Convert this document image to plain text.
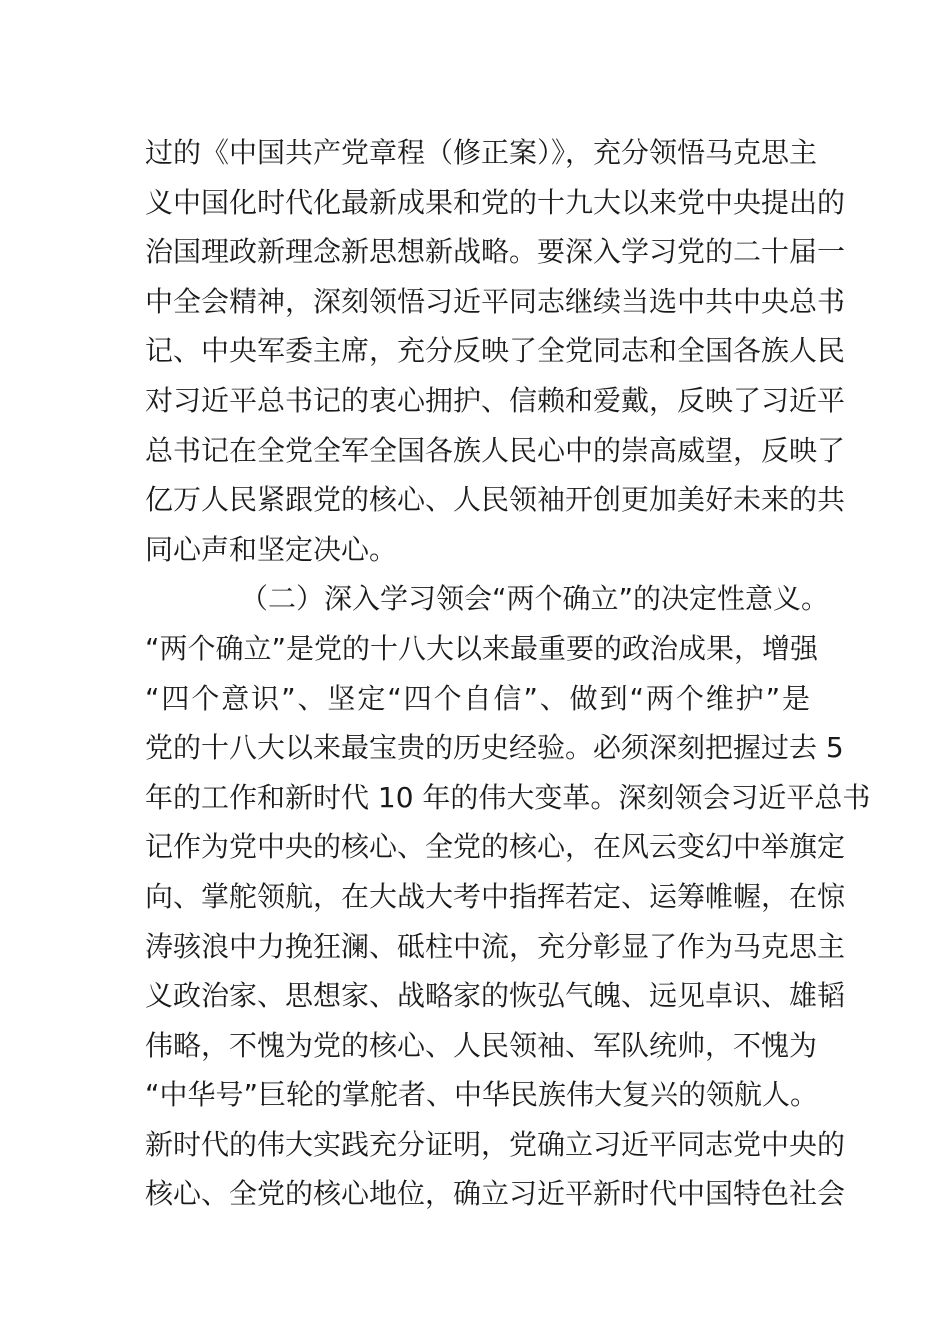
过的《中国共产党章程（修正案）》，充分领悟马克思主
义中国化时代化最新成果和党的十九大以来党中央提出的
治国理政新理念新思想新战略。要深入学习党的二十届一
中全会精神，深刻领悟习近平同志继续当选中共中央总书
记、中央军委主席，充分反映了全党同志和全国各族人民
对习近平总书记的衷心拥护、信赖和爱戴，反映了习近平
总书记在全党全军全国各族人民心中的崇高威望，反映了
亿万人民紧跟党的核心、人民领袖开创更加美好未来的共
同心声和坚定决心。
（二）深入学习领会“两个确立”的决定性意义。
“两个确立”是党的十八大以来最重要的政治成果，增强
“四个意识”、坚定“四个自信”、做到“两个维护”是
党的十八大以来最宝贵的历史经验。必须深刻把握过去 5
年的工作和新时代 10 年的伟大变革。深刻领会习近平总书
记作为党中央的核心、全党的核心，在风云变幻中举旗定
向、掌舵领航，在大战大考中指挥若定、运筹帷幄，在惊
涛骇浪中力挽狂澜、砥柱中流，充分彰显了作为马克思主
义政治家、思想家、战略家的恢弘气魄、远见卓识、雄韬
伟略，不愧为党的核心、人民领袖、军队统帅，不愧为
“中华号”巨轮的掌舵者、中华民族伟大复兴的领航人。
新时代的伟大实践充分证明，党确立习近平同志党中央的
核心、全党的核心地位，确立习近平新时代中国特色社会
